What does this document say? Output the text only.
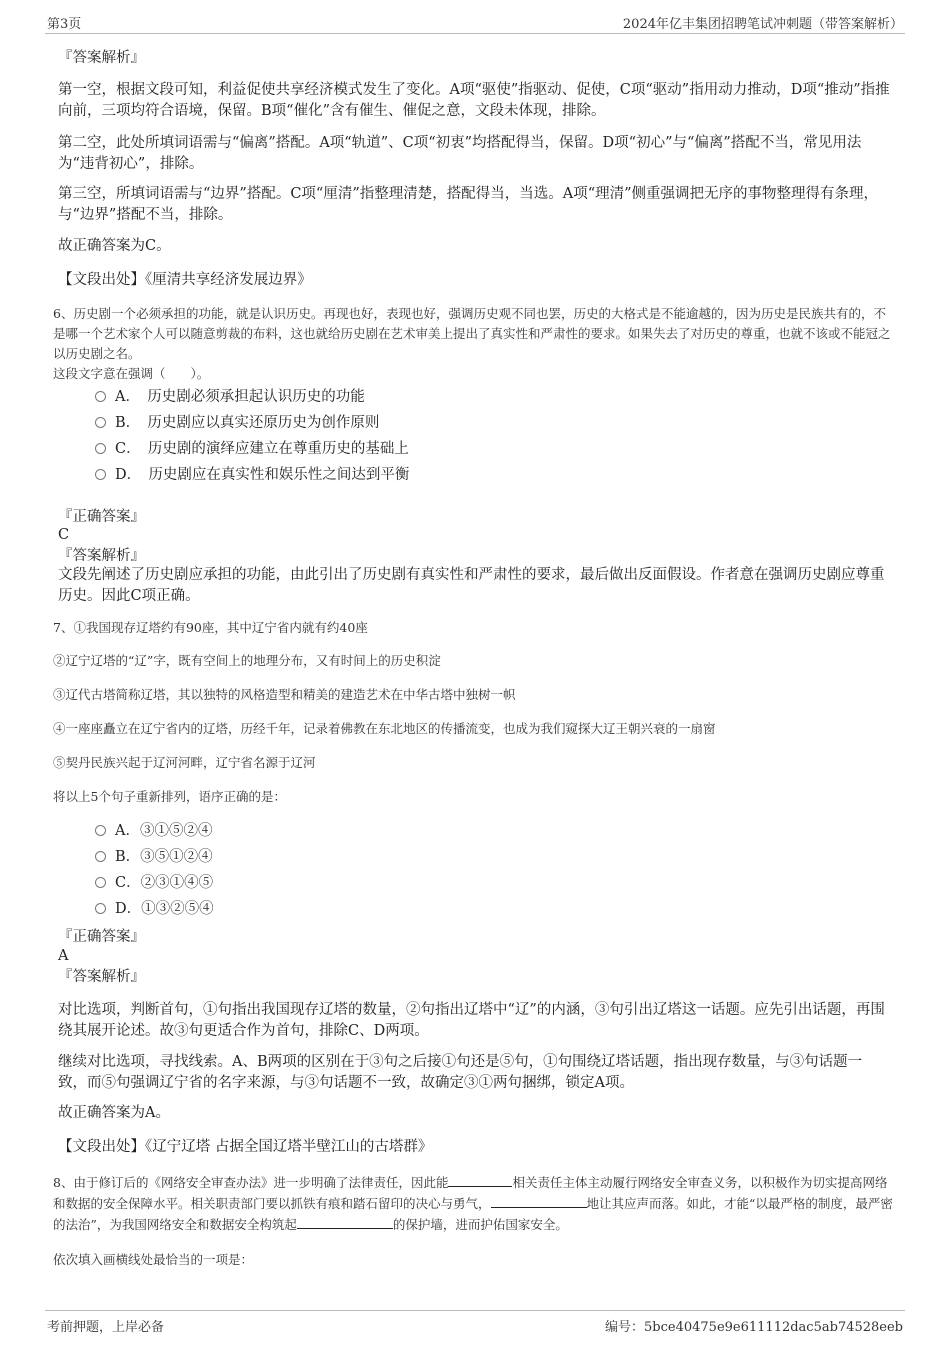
第3页	2024年亿丰集团招聘笔试冲刺题（带答案解析）
『答案解析』
第一空，根据文段可知，利益促使共享经济模式发生了变化。A项“驱使”指驱动、促使，C项“驱动”指用动力推动，D项“推动”指推向前，三项均符合语境，保留。B项“催化”含有催生、催促之意，文段未体现，排除。
第二空，此处所填词语需与“偏离”搭配。A项“轨道”、C项“初衷”均搭配得当，保留。D项“初心”与“偏离”搭配不当，常见用法为“违背初心”，排除。
第三空，所填词语需与“边界”搭配。C项“厘清”指整理清楚，搭配得当，当选。A项“理清”侧重强调把无序的事物整理得有条理，与“边界”搭配不当，排除。
故正确答案为C。
【文段出处】《厘清共享经济发展边界》
6、历史剧一个必须承担的功能，就是认识历史。再现也好，表现也好，强调历史观不同也罢，历史的大格式是不能逾越的，因为历史是民族共有的，不是哪一个艺术家个人可以随意剪裁的布料，这也就给历史剧在艺术审美上提出了真实性和严肃性的要求。如果失去了对历史的尊重，也就不该或不能冠之以历史剧之名。
这段文字意在强调（　　）。
A．　历史剧必须承担起认识历史的功能
B．　历史剧应以真实还原历史为创作原则
C．　历史剧的演绎应建立在尊重历史的基础上
D．　历史剧应在真实性和娱乐性之间达到平衡
『正确答案』
C
『答案解析』
文段先阐述了历史剧应承担的功能，由此引出了历史剧有真实性和严肃性的要求，最后做出反面假设。作者意在强调历史剧应尊重历史。因此C项正确。
7、①我国现存辽塔约有90座，其中辽宁省内就有约40座
②辽宁辽塔的“辽”字，既有空间上的地理分布，又有时间上的历史积淀
③辽代古塔简称辽塔，其以独特的风格造型和精美的建造艺术在中华古塔中独树一帜
④一座座矗立在辽宁省内的辽塔，历经千年，记录着佛教在东北地区的传播流变，也成为我们窥探大辽王朝兴衰的一扇窗
⑤契丹民族兴起于辽河河畔，辽宁省名源于辽河
将以上5个句子重新排列，语序正确的是：
A．③①⑤②④
B．③⑤①②④
C．②③①④⑤
D．①③②⑤④
『正确答案』
A
『答案解析』
对比选项，判断首句，①句指出我国现存辽塔的数量，②句指出辽塔中“辽”的内涵，③句引出辽塔这一话题。应先引出话题，再围绕其展开论述。故③句更适合作为首句，排除C、D两项。
继续对比选项，寻找线索。A、B两项的区别在于③句之后接①句还是⑤句，①句围绕辽塔话题，指出现存数量，与③句话题一致，而⑤句强调辽宁省的名字来源，与③句话题不一致，故确定③①两句捆绑，锁定A项。
故正确答案为A。
【文段出处】《辽宁辽塔 占据全国辽塔半壁江山的古塔群》
8、由于修订后的《网络安全审查办法》进一步明确了法律责任，因此能	相关责任主体主动履行网络安全审查义务，以积极作为切实提高网络和数据的安全保障水平。相关职责部门要以抓铁有痕和踏石留印的决心与勇气，	地让其应声而落。如此，才能“以最严格的制度，最严密的法治”，为我国网络安全和数据安全构筑起	的保护墙，进而护佑国家安全。
依次填入画横线处最恰当的一项是：
考前押题，上岸必备	编号：5bce40475e9e611112dac5ab74528eeb
